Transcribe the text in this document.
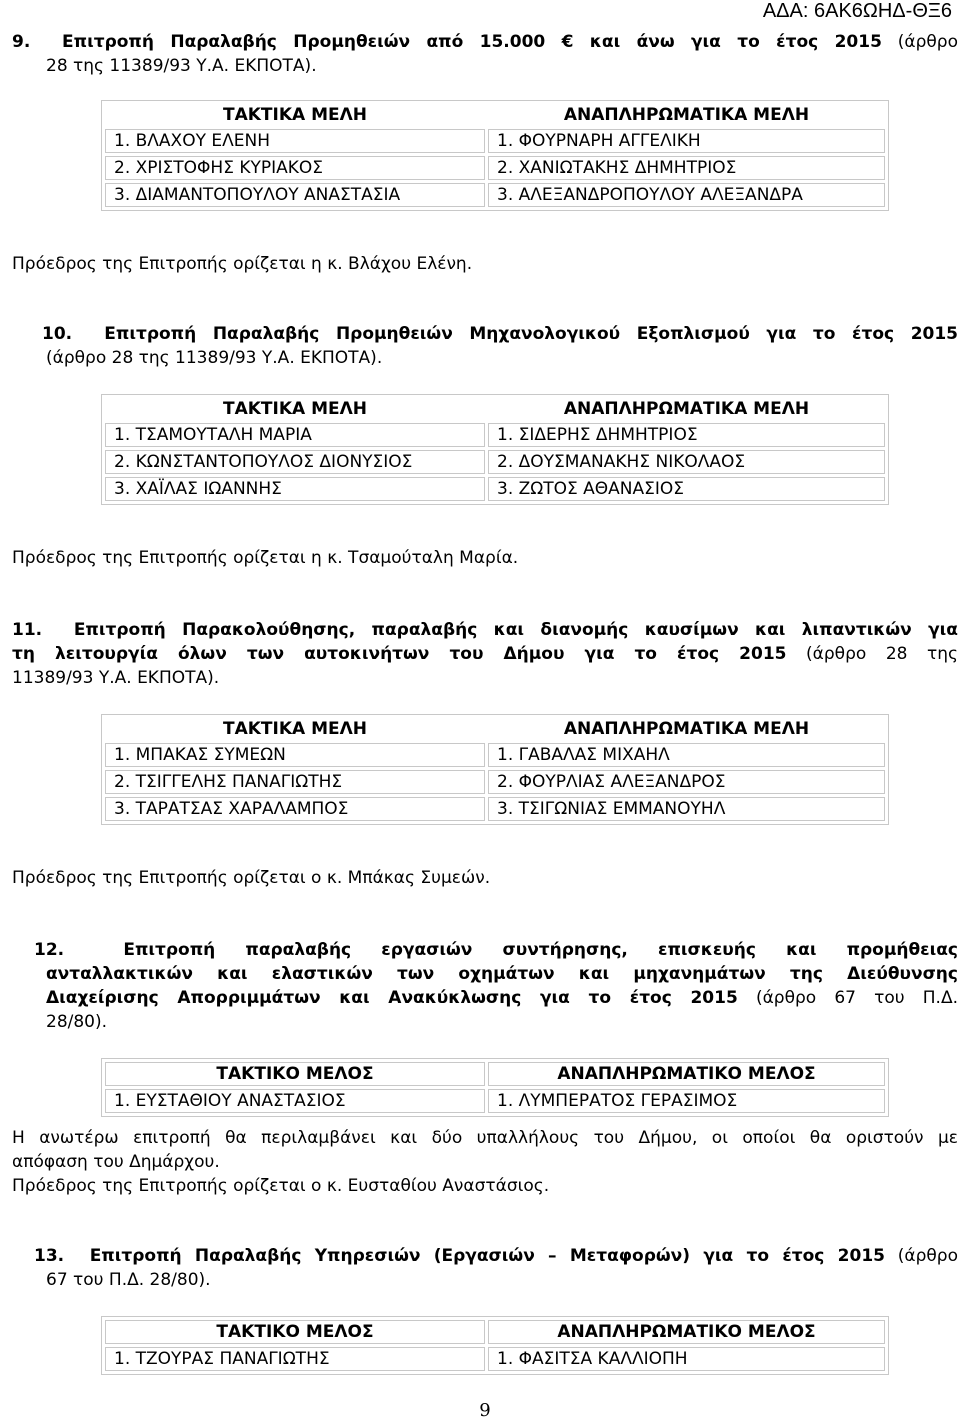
ΑΔΑ: 6ΑΚ6ΩΗΔ-ΘΞ6
9. Επιτροπή Παραλαβής Προμηθειών από 15.000 € και άνω για το έτος 2015 (άρθρο
28 της 11389/93 Υ.Α. ΕΚΠΟΤΑ).
ΤΑΚΤΙΚΑ ΜΕΛΗ	ΑΝΑΠΛΗΡΩΜΑΤΙΚΑ ΜΕΛΗ
1. ΒΛΑΧΟΥ ΕΛΕΝΗ	1. ΦΟΥΡΝΑΡΗ ΑΓΓΕΛΙΚΗ
2. ΧΡΙΣΤΟΦΗΣ ΚΥΡΙΑΚΟΣ	2. ΧΑΝΙΩΤΑΚΗΣ ΔΗΜΗΤΡΙΟΣ
3. ΔΙΑΜΑΝΤΟΠΟΥΛΟΥ ΑΝΑΣΤΑΣΙΑ	3. ΑΛΕΞΑΝΔΡΟΠΟΥΛΟΥ ΑΛΕΞΑΝΔΡΑ
Πρόεδρος της Επιτροπής ορίζεται η κ. Βλάχου Ελένη.
10. Επιτροπή Παραλαβής Προμηθειών Μηχανολογικού Εξοπλισμού για το έτος 2015
(άρθρο 28 της 11389/93 Υ.Α. ΕΚΠΟΤΑ).
ΤΑΚΤΙΚΑ ΜΕΛΗ	ΑΝΑΠΛΗΡΩΜΑΤΙΚΑ ΜΕΛΗ
1. ΤΣΑΜΟΥΤΑΛΗ ΜΑΡΙΑ	1. ΣΙΔΕΡΗΣ ΔΗΜΗΤΡΙΟΣ
2. ΚΩΝΣΤΑΝΤΟΠΟΥΛΟΣ ΔΙΟΝΥΣΙΟΣ	2. ΔΟΥΣΜΑΝΑΚΗΣ ΝΙΚΟΛΑΟΣ
3. ΧΑΪΛΑΣ ΙΩΑΝΝΗΣ	3. ΖΩΤΟΣ ΑΘΑΝΑΣΙΟΣ
Πρόεδρος της Επιτροπής ορίζεται η κ. Τσαμούταλη Μαρία.
11. Επιτροπή Παρακολούθησης, παραλαβής και διανομής καυσίμων και λιπαντικών για
τη λειτουργία όλων των αυτοκινήτων του Δήμου για το έτος 2015 (άρθρο 28 της
11389/93 Υ.Α. ΕΚΠΟΤΑ).
ΤΑΚΤΙΚΑ ΜΕΛΗ	ΑΝΑΠΛΗΡΩΜΑΤΙΚΑ ΜΕΛΗ
1. ΜΠΑΚΑΣ ΣΥΜΕΩΝ	1. ΓΑΒΑΛΑΣ ΜΙΧΑΗΛ
2. ΤΣΙΓΓΕΛΗΣ ΠΑΝΑΓΙΩΤΗΣ	2. ΦΟΥΡΛΙΑΣ ΑΛΕΞΑΝΔΡΟΣ
3. ΤΑΡΑΤΣΑΣ ΧΑΡΑΛΑΜΠΟΣ	3. ΤΣΙΓΩΝΙΑΣ ΕΜΜΑΝΟΥΗΛ
Πρόεδρος της Επιτροπής ορίζεται ο κ. Μπάκας Συμεών.
12.	Επιτροπή παραλαβής εργασιών συντήρησης, επισκευής και προμήθειας
ανταλλακτικών και ελαστικών των οχημάτων και μηχανημάτων της Διεύθυνσης
Διαχείρισης Απορριμμάτων και Ανακύκλωσης για το έτος 2015 (άρθρο 67 του Π.Δ.
28/80).
ΤΑΚΤΙΚΟ ΜΕΛΟΣ	ΑΝΑΠΛΗΡΩΜΑΤΙΚΟ ΜΕΛΟΣ
1. ΕΥΣΤΑΘΙΟΥ ΑΝΑΣΤΑΣΙΟΣ	1. ΛΥΜΠΕΡΑΤΟΣ ΓΕΡΑΣΙΜΟΣ
Η ανωτέρω επιτροπή θα περιλαμβάνει και δύο υπαλλήλους του Δήμου, οι οποίοι θα οριστούν με
απόφαση του Δημάρχου.
Πρόεδρος της Επιτροπής ορίζεται ο κ. Ευσταθίου Αναστάσιος.
13. Επιτροπή Παραλαβής Υπηρεσιών (Εργασιών – Μεταφορών) για το έτος 2015 (άρθρο
67 του Π.Δ. 28/80).
ΤΑΚΤΙΚΟ ΜΕΛΟΣ	ΑΝΑΠΛΗΡΩΜΑΤΙΚΟ ΜΕΛΟΣ
1. ΤΖΟΥΡΑΣ ΠΑΝΑΓΙΩΤΗΣ	1. ΦΑΣΙΤΣΑ ΚΑΛΛΙΟΠΗ
9
